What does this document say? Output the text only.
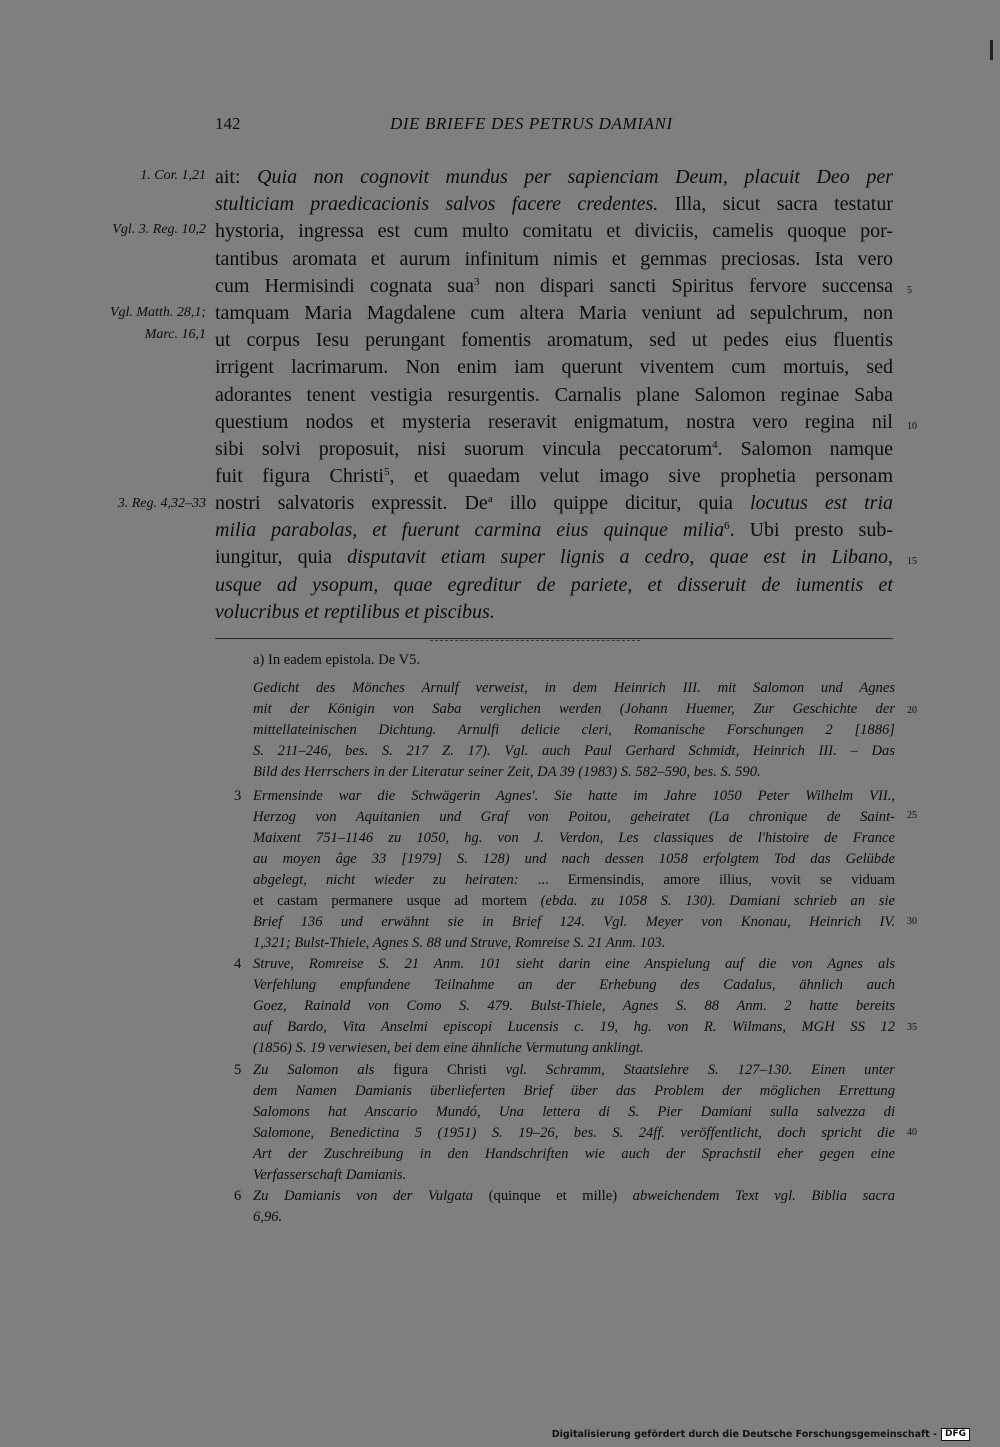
142	DIE BRIEFE DES PETRUS DAMIANI
1. Cor. 1,21
Vgl. 3. Reg. 10,2
Vgl. Matth. 28,1;
Marc. 16,1
3. Reg. 4,32–33
ait: Quia non cognovit mundus per sapienciam Deum, placuit Deo per
stulticiam praedicacionis salvos facere credentes. Illa, sicut sacra testatur
hystoria, ingressa est cum multo comitatu et diviciis, camelis quoque por-
tantibus aromata et aurum infinitum nimis et gemmas preciosas. Ista vero
cum Hermisindi cognata sua$^3$ non dispari sancti Spiritus fervore succensa
tamquam Maria Magdalene cum altera Maria veniunt ad sepulchrum, non
ut corpus Iesu perungant fomentis aromatum, sed ut pedes eius fluentis
irrigent lacrimarum. Non enim iam querunt viventem cum mortuis, sed
adorantes tenent vestigia resurgentis. Carnalis plane Salomon reginae Saba
questium nodos et mysteria reseravit enigmatum, nostra vero regina nil
sibi solvi proposuit, nisi suorum vincula peccatorum$^4$. Salomon namque
fuit figura Christi$^5$, et quaedam velut imago sive prophetia personam
nostri salvatoris expressit. De$^a$ illo quippe dicitur, quia locutus est tria
milia parabolas, et fuerunt carmina eius quinque milia$^6$. Ubi presto sub-
iungitur, quia disputavit etiam super lignis a cedro, quae est in Libano,
usque ad ysopum, quae egreditur de pariete, et disseruit de iumentis et
volucribus et reptilibus et piscibus.
5
10
15
20
25
30
35
40
a) In eadem epistola. De V5.
Gedicht des Mönches Arnulf verweist, in dem Heinrich III. mit Salomon und Agnes
mit der Königin von Saba verglichen werden (Johann Huemer, Zur Geschichte der
mittellateinischen Dichtung. Arnulfi delicie cleri, Romanische Forschungen 2 [1886]
S. 211–246, bes. S. 217 Z. 17). Vgl. auch Paul Gerhard Schmidt, Heinrich III. – Das
Bild des Herrschers in der Literatur seiner Zeit, DA 39 (1983) S. 582–590, bes. S. 590.
3 Ermensinde war die Schwägerin Agnes'. Sie hatte im Jahre 1050 Peter Wilhelm VII.,
Herzog von Aquitanien und Graf von Poitou, geheiratet (La chronique de Saint-
Maixent 751–1146 zu 1050, hg. von J. Verdon, Les classiques de l'histoire de France
au moyen âge 33 [1979] S. 128) und nach dessen 1058 erfolgtem Tod das Gelübde
abgelegt, nicht wieder zu heiraten: ... Ermensindis, amore illius, vovit se viduam
et castam permanere usque ad mortem (ebda. zu 1058 S. 130). Damiani schrieb an sie
Brief 136 und erwähnt sie in Brief 124. Vgl. Meyer von Knonau, Heinrich IV.
1,321; Bulst-Thiele, Agnes S. 88 und Struve, Romreise S. 21 Anm. 103.
4 Struve, Romreise S. 21 Anm. 101 sieht darin eine Anspielung auf die von Agnes als
Verfehlung empfundene Teilnahme an der Erhebung des Cadalus, ähnlich auch
Goez, Rainald von Como S. 479. Bulst-Thiele, Agnes S. 88 Anm. 2 hatte bereits
auf Bardo, Vita Anselmi episcopi Lucensis c. 19, hg. von R. Wilmans, MGH SS 12
(1856) S. 19 verwiesen, bei dem eine ähnliche Vermutung anklingt.
5 Zu Salomon als figura Christi vgl. Schramm, Staatslehre S. 127–130. Einen unter
dem Namen Damianis überlieferten Brief über das Problem der möglichen Errettung
Salomons hat Anscario Mundó, Una lettera di S. Pier Damiani sulla salvezza di
Salomone, Benedictina 5 (1951) S. 19–26, bes. S. 24ff. veröffentlicht, doch spricht die
Art der Zuschreibung in den Handschriften wie auch der Sprachstil eher gegen eine
Verfasserschaft Damianis.
6 Zu Damianis von der Vulgata (quinque et mille) abweichendem Text vgl. Biblia sacra
6,96.
Digitalisierung gefördert durch die Deutsche Forschungsgemeinschaft - DFG
